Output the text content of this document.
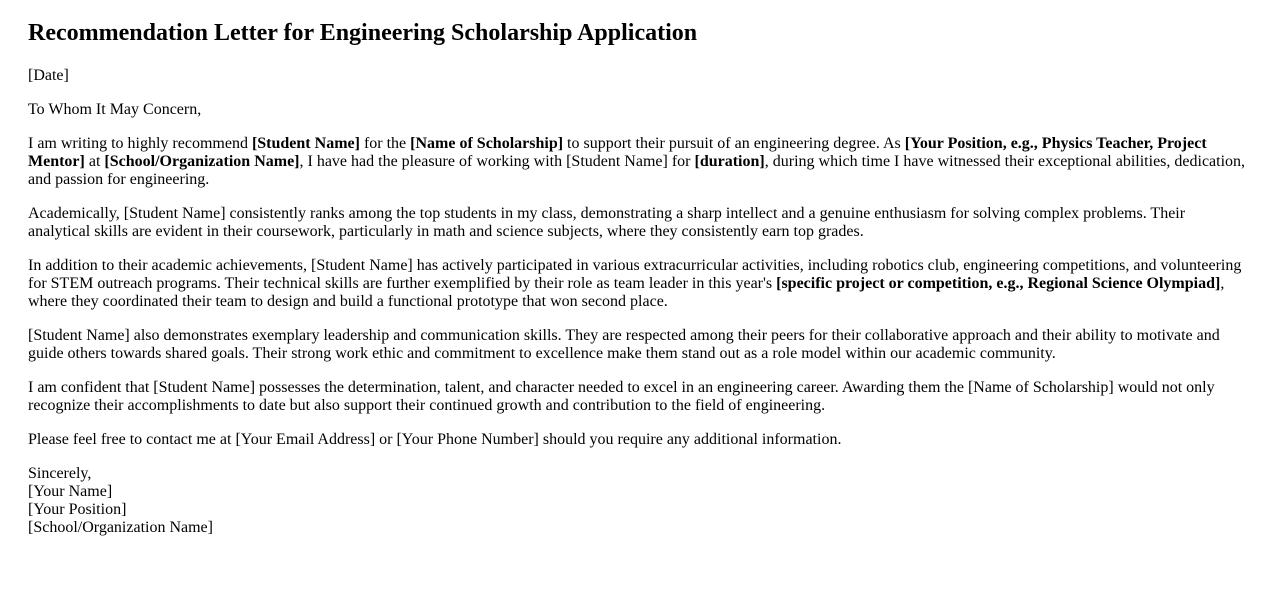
Recommendation Letter for Engineering Scholarship Application

[Date]

To Whom It May Concern,

I am writing to highly recommend [Student Name] for the [Name of Scholarship] to support their pursuit of an engineering degree. As [Your Position, e.g., Physics Teacher, Project Mentor] at [School/Organization Name], I have had the pleasure of working with [Student Name] for [duration], during which time I have witnessed their exceptional abilities, dedication, and passion for engineering.

Academically, [Student Name] consistently ranks among the top students in my class, demonstrating a sharp intellect and a genuine enthusiasm for solving complex problems. Their analytical skills are evident in their coursework, particularly in math and science subjects, where they consistently earn top grades.

In addition to their academic achievements, [Student Name] has actively participated in various extracurricular activities, including robotics club, engineering competitions, and volunteering for STEM outreach programs. Their technical skills are further exemplified by their role as team leader in this year's [specific project or competition, e.g., Regional Science Olympiad], where they coordinated their team to design and build a functional prototype that won second place.

[Student Name] also demonstrates exemplary leadership and communication skills. They are respected among their peers for their collaborative approach and their ability to motivate and guide others towards shared goals. Their strong work ethic and commitment to excellence make them stand out as a role model within our academic community.

I am confident that [Student Name] possesses the determination, talent, and character needed to excel in an engineering career. Awarding them the [Name of Scholarship] would not only recognize their accomplishments to date but also support their continued growth and contribution to the field of engineering.

Please feel free to contact me at [Your Email Address] or [Your Phone Number] should you require any additional information.

Sincerely,
[Your Name]
[Your Position]
[School/Organization Name]
